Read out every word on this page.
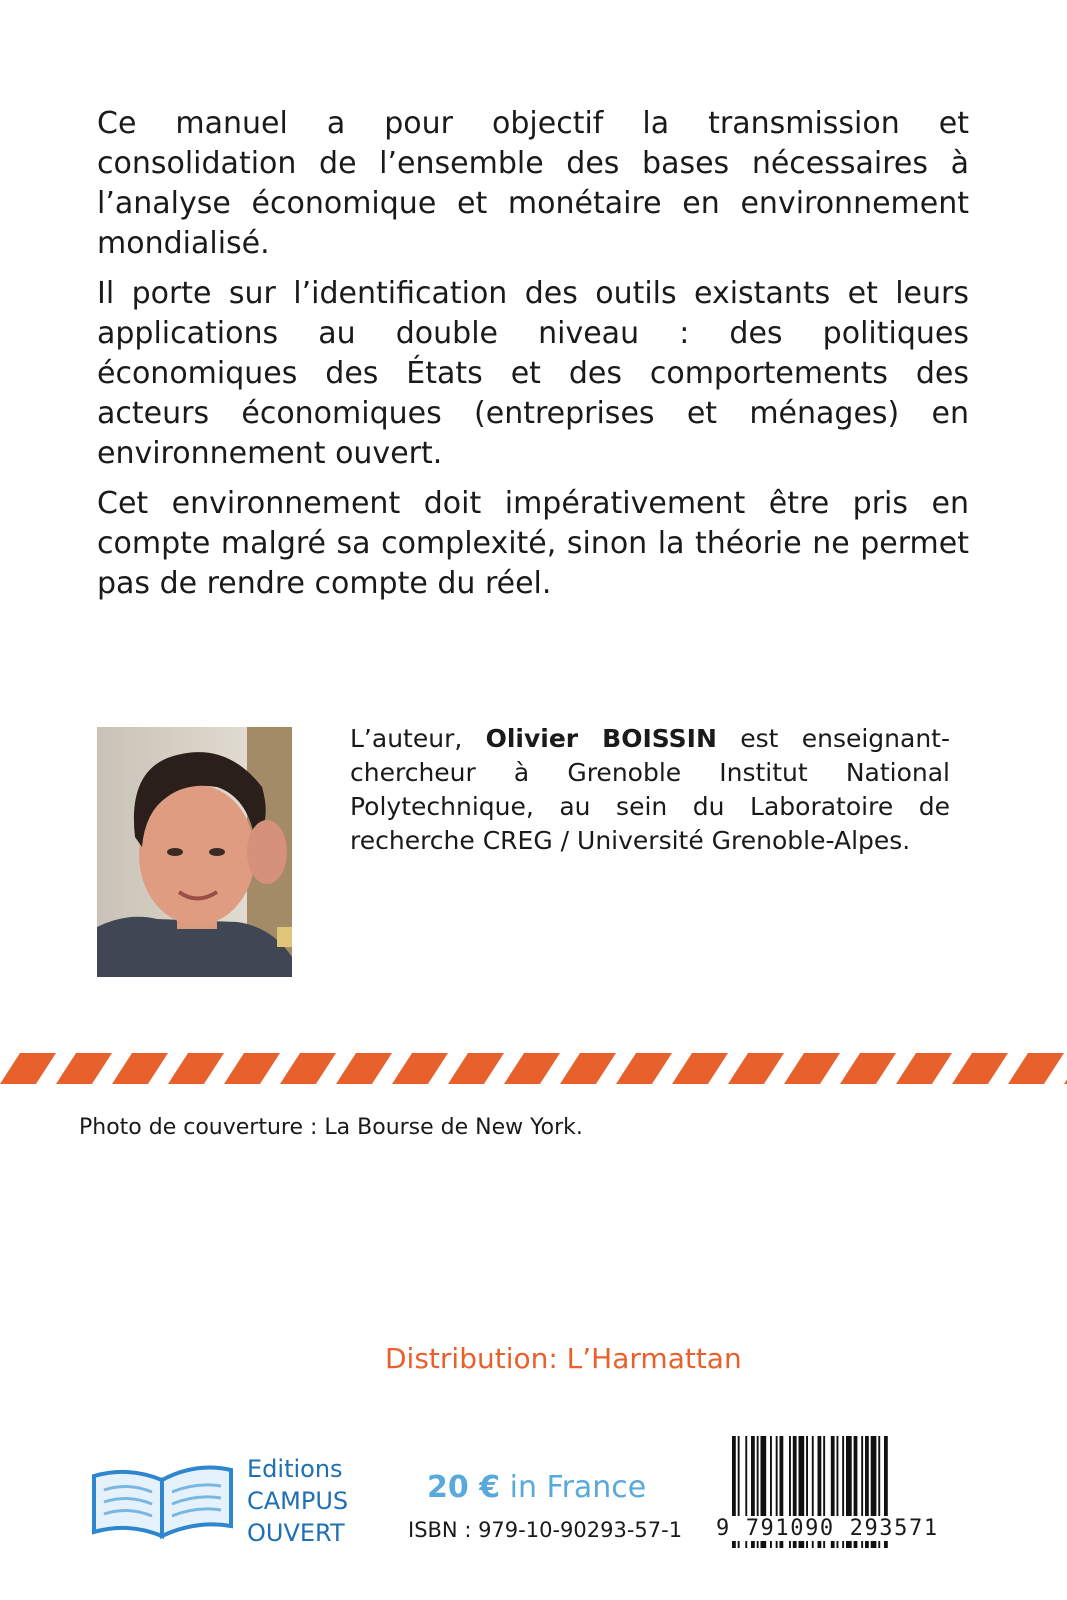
Ce manuel a pour objectif la transmission et consolidation de l’ensemble des bases nécessaires à l’analyse économique et monétaire en environnement mondialisé.

Il porte sur l’identification des outils existants et leurs applications au double niveau : des politiques économiques des États et des comportements des acteurs économiques (entreprises et ménages) en environnement ouvert.

Cet environnement doit impérativement être pris en compte malgré sa complexité, sinon la théorie ne permet pas de rendre compte du réel.

L’auteur, Olivier BOISSIN est enseignant-chercheur à Grenoble Institut National Polytechnique, au sein du Laboratoire de recherche CREG / Université Grenoble-Alpes.
Photo de couverture : La Bourse de New York.
Distribution: L’Harmattan
Editions
CAMPUS
OUVERT
20 € in France
ISBN : 979-10-90293-57-1 9 791090 293571
